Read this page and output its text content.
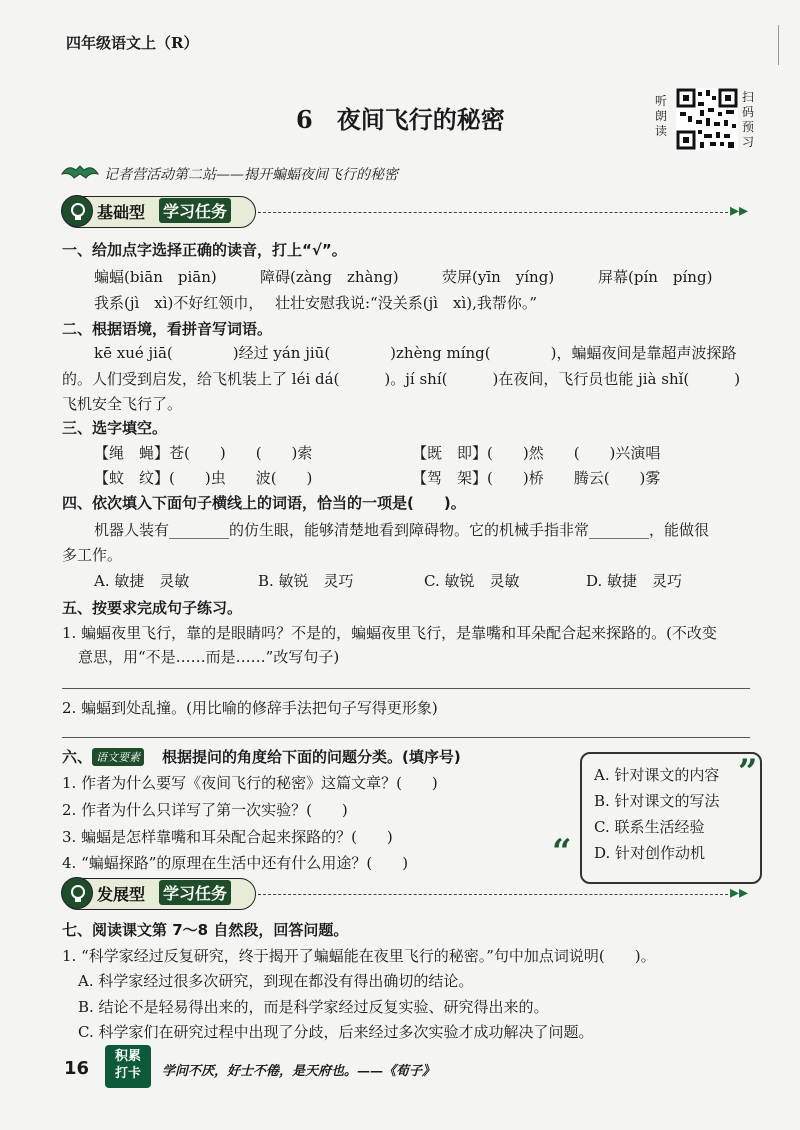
四年级语文上（R）
6　夜间飞行的秘密
听朗读
扫码预习
记者营活动第二站——揭开蝙蝠夜间飞行的秘密
基础型 学习任务	▸▸
一、给加点字选择正确的读音，打上“√”。
蝙蝠(biān　piān)	障碍(zàng　zhàng)	荧屏(yīn　yíng)	屏幕(pín　píng)
我系(jì　xì)不好红领巾， 壮壮安慰我说:“没关系(jì　xì),我帮你。”
二、根据语境，看拼音写词语。
kē xué jiā(　　　　)经过 yán jiū(　　　　)zhèng míng(　　　　)，蝙蝠夜间是靠超声波探路
的。人们受到启发，给飞机装上了 léi dá(　　　)。jí shí(　　　)在夜间，飞行员也能 jià shǐ(　　　)
飞机安全飞行了。
三、选字填空。
【绳　蝇】苍(　　)　　(　　)索	【既　即】(　　)然　　(　　)兴演唱
【蚊　纹】(　　)虫　　波(　　)	【驾　架】(　　)桥　　腾云(　　)雾
四、依次填入下面句子横线上的词语，恰当的一项是(　　)。
机器人装有________的仿生眼，能够清楚地看到障碍物。它的机械手指非常________，能做很
多工作。
A. 敏捷　灵敏	B. 敏锐　灵巧	C. 敏锐　灵敏	D. 敏捷　灵巧
五、按要求完成句子练习。
1. 蝙蝠夜里飞行，靠的是眼睛吗？不是的，蝙蝠夜里飞行，是靠嘴和耳朵配合起来探路的。(不改变
意思，用“不是……而是……”改写句子)
2. 蝙蝠到处乱撞。(用比喻的修辞手法把句子写得更形象)
六、 语文要素 根据提问的角度给下面的问题分类。(填序号)
1. 作者为什么要写《夜间飞行的秘密》这篇文章？(　　)
2. 作者为什么只详写了第一次实验？(　　)
3. 蝙蝠是怎样靠嘴和耳朵配合起来探路的？(　　)
4. “蝙蝠探路”的原理在生活中还有什么用途？(　　)
”
“
A. 针对课文的内容
B. 针对课文的写法
C. 联系生活经验
D. 针对创作动机
发展型 学习任务	▸▸
七、阅读课文第 7～8 自然段，回答问题。
1. “科学家经过反复研究，终于揭开了蝙蝠能在夜里飞行的秘密。”句中加点词说明(　　)。
A. 科学家经过很多次研究，到现在都没有得出确切的结论。
B. 结论不是轻易得出来的，而是科学家经过反复实验、研究得出来的。
C. 科学家们在研究过程中出现了分歧，后来经过多次实验才成功解决了问题。
16
积累
打卡	学问不厌，好士不倦，是天府也。——《荀子》
